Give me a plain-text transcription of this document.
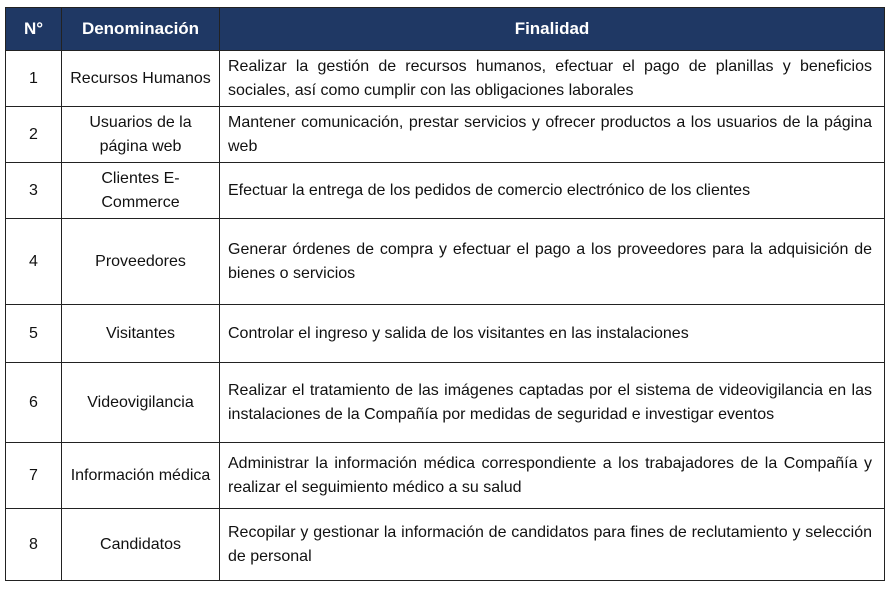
N°	Denominación	Finalidad
1	Recursos Humanos	Realizar la gestión de recursos humanos, efectuar el pago de planillas y beneficios sociales, así como cumplir con las obligaciones laborales
2	Usuarios de la página web	Mantener comunicación, prestar servicios y ofrecer productos a los usuarios de la página web
3	Clientes E-Commerce	Efectuar la entrega de los pedidos de comercio electrónico de los clientes
4	Proveedores	Generar órdenes de compra y efectuar el pago a los proveedores para la adquisición de bienes o servicios
5	Visitantes	Controlar el ingreso y salida de los visitantes en las instalaciones
6	Videovigilancia	Realizar el tratamiento de las imágenes captadas por el sistema de videovigilancia en las instalaciones de la Compañía por medidas de seguridad e investigar eventos
7	Información médica	Administrar la información médica correspondiente a los trabajadores de la Compañía y realizar el seguimiento médico a su salud
8	Candidatos	Recopilar y gestionar la información de candidatos para fines de reclutamiento y selección de personal
